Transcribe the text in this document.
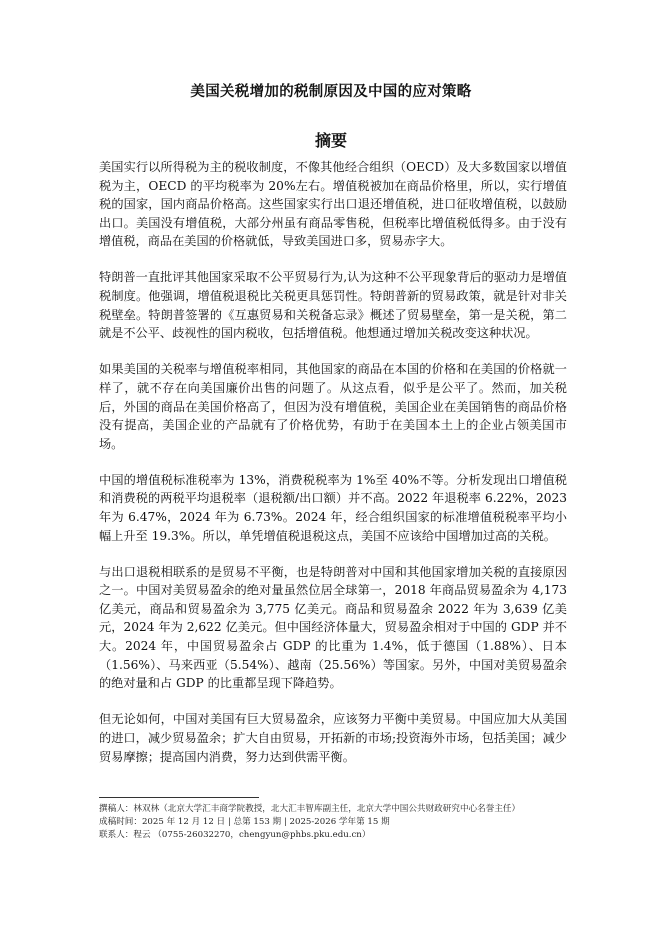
美国关税增加的税制原因及中国的应对策略
摘要

美国实行以所得税为主的税收制度，不像其他经合组织（OECD）及大多数国家以增值税为主，OECD 的平均税率为 20%左右。增值税被加在商品价格里，所以，实行增值税的国家，国内商品价格高。这些国家实行出口退还增值税，进口征收增值税，以鼓励出口。美国没有增值税，大部分州虽有商品零售税，但税率比增值税低得多。由于没有增值税，商品在美国的价格就低，导致美国进口多，贸易赤字大。

特朗普一直批评其他国家采取不公平贸易行为,认为这种不公平现象背后的驱动力是增值税制度。他强调，增值税退税比关税更具惩罚性。特朗普新的贸易政策，就是针对非关税壁垒。特朗普签署的《互惠贸易和关税备忘录》概述了贸易壁垒，第一是关税，第二就是不公平、歧视性的国内税收，包括增值税。他想通过增加关税改变这种状况。

如果美国的关税率与增值税率相同，其他国家的商品在本国的价格和在美国的价格就一样了，就不存在向美国廉价出售的问题了。从这点看，似乎是公平了。然而，加关税后，外国的商品在美国价格高了，但因为没有增值税，美国企业在美国销售的商品价格没有提高，美国企业的产品就有了价格优势，有助于在美国本土上的企业占领美国市场。

中国的增值税标准税率为 13%，消费税税率为 1%至 40%不等。分析发现出口增值税和消费税的两税平均退税率（退税额/出口额）并不高。2022 年退税率 6.22%，2023 年为 6.47%，2024 年为 6.73%。2024 年，经合组织国家的标准增值税税率平均小幅上升至 19.3%。所以，单凭增值税退税这点，美国不应该给中国增加过高的关税。

与出口退税相联系的是贸易不平衡，也是特朗普对中国和其他国家增加关税的直接原因之一。中国对美贸易盈余的绝对量虽然位居全球第一，2018 年商品贸易盈余为 4,173 亿美元，商品和贸易盈余为 3,775 亿美元。商品和贸易盈余 2022 年为 3,639 亿美元，2024 年为 2,622 亿美元。但中国经济体量大，贸易盈余相对于中国的 GDP 并不大。2024 年，中国贸易盈余占 GDP 的比重为 1.4%，低于德国（1.88%）、日本（1.56%）、马来西亚（5.54%）、越南（25.56%）等国家。另外，中国对美贸易盈余的绝对量和占 GDP 的比重都呈现下降趋势。

但无论如何，中国对美国有巨大贸易盈余，应该努力平衡中美贸易。中国应加大从美国的进口，减少贸易盈余；扩大自由贸易，开拓新的市场;投资海外市场，包括美国；减少贸易摩擦；提高国内消费，努力达到供需平衡。

撰稿人：林双林（北京大学汇丰商学院教授，北大汇丰智库副主任，北京大学中国公共财政研究中心名誉主任）

成稿时间：2025 年 12 月 12 日 | 总第 153 期 | 2025-2026 学年第 15 期

联系人：程云 （0755-26032270，chengyun@phbs.pku.edu.cn）
